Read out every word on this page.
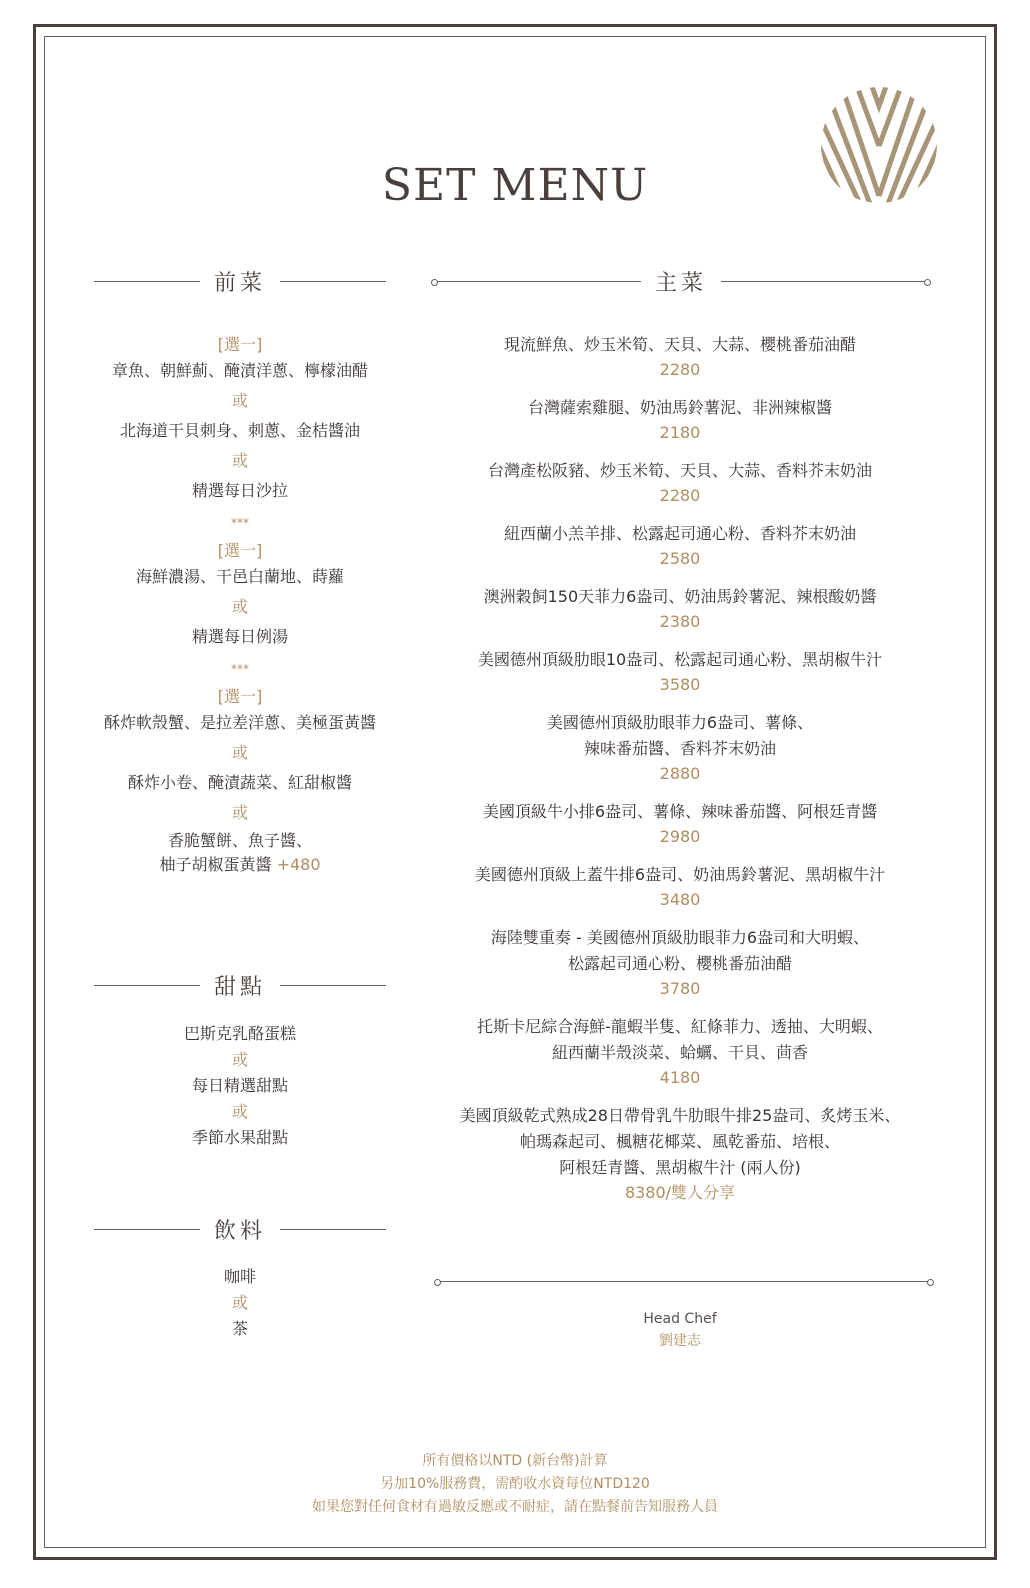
SET MENU
前菜	主菜
[選一]
章魚、朝鮮薊、醃漬洋蔥、檸檬油醋
或
北海道干貝刺身、刺蔥、金桔醬油
或
精選每日沙拉
***
[選一]
海鮮濃湯、干邑白蘭地、蒔蘿
或
精選每日例湯
***
[選一]
酥炸軟殼蟹、是拉差洋蔥、美極蛋黃醬
或
酥炸小卷、醃漬蔬菜、紅甜椒醬
或
香脆蟹餅、魚子醬、
柚子胡椒蛋黃醬 +480
甜點
巴斯克乳酪蛋糕
或
每日精選甜點
或
季節水果甜點
飲料
咖啡
或
茶
現流鮮魚、炒玉米筍、天貝、大蒜、櫻桃番茄油醋
2280
台灣薩索雞腿、奶油馬鈴薯泥、非洲辣椒醬
2180
台灣產松阪豬、炒玉米筍、天貝、大蒜、香料芥末奶油
2280
紐西蘭小羔羊排、松露起司通心粉、香料芥末奶油
2580
澳洲穀飼150天菲力6盎司、奶油馬鈴薯泥、辣根酸奶醬
2380
美國德州頂級肋眼10盎司、松露起司通心粉、黑胡椒牛汁
3580
美國德州頂級肋眼菲力6盎司、薯條、
辣味番茄醬、香料芥末奶油
2880
美國頂級牛小排6盎司、薯條、辣味番茄醬、阿根廷青醬
2980
美國德州頂級上蓋牛排6盎司、奶油馬鈴薯泥、黑胡椒牛汁
3480
海陸雙重奏 - 美國德州頂級肋眼菲力6盎司和大明蝦、
松露起司通心粉、櫻桃番茄油醋
3780
托斯卡尼綜合海鮮-龍蝦半隻、紅條菲力、透抽、大明蝦、
紐西蘭半殼淡菜、蛤蠣、干貝、茴香
4180
美國頂級乾式熟成28日帶骨乳牛肋眼牛排25盎司、炙烤玉米、
帕瑪森起司、楓糖花椰菜、風乾番茄、培根、
阿根廷青醬、黑胡椒牛汁 (兩人份)
8380/雙人分享
Head Chef
劉建志
所有價格以NTD (新台幣)計算
另加10%服務費，需酌收水資每位NTD120
如果您對任何食材有過敏反應或不耐症，請在點餐前告知服務人員
